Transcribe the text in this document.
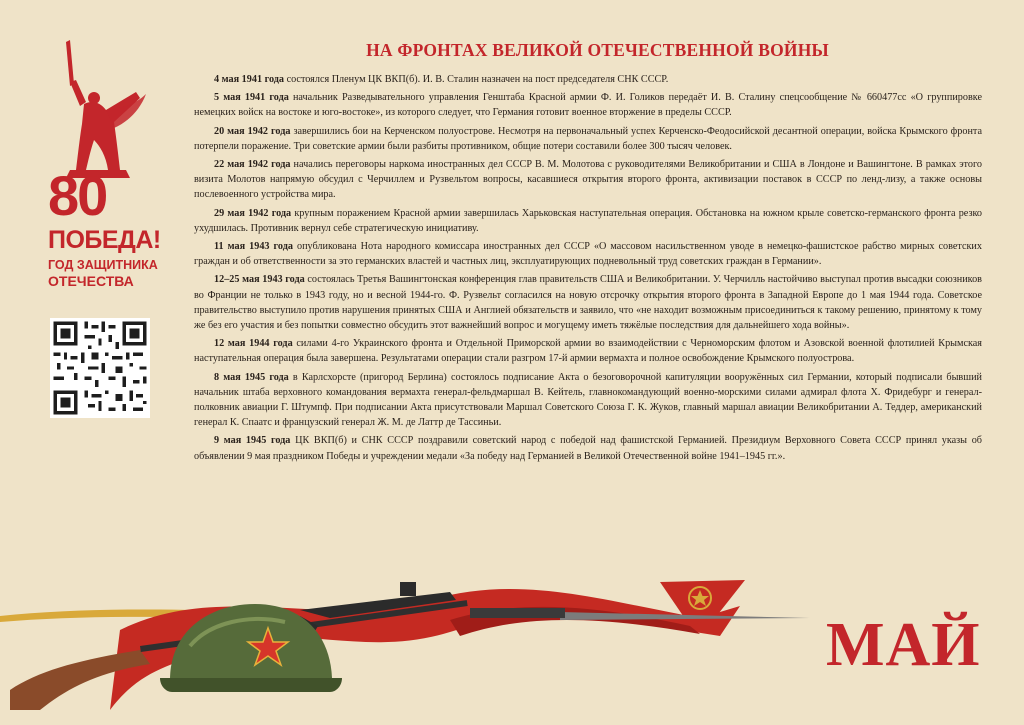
80
ПОБЕДА!
ГОД ЗАЩИТНИКА
ОТЕЧЕСТВА
НА ФРОНТАХ ВЕЛИКОЙ ОТЕЧЕСТВЕННОЙ ВОЙНЫ

4 мая 1941 года состоялся Пленум ЦК ВКП(б). И. В. Сталин назначен на пост председателя СНК СССР.

5 мая 1941 года начальник Разведывательного управления Генштаба Красной армии Ф. И. Голиков передаёт И. В. Сталину спецсообщение № 660477сс «О группировке немецких войск на востоке и юго-востоке», из которого следует, что Германия готовит военное вторжение в пределы СССР.

20 мая 1942 года завершились бои на Керченском полуострове. Несмотря на первоначальный успех Керченско-Феодосийской десантной операции, войска Крымского фронта потерпели поражение. Три советские армии были разбиты противником, общие потери составили более 300 тысяч человек.

22 мая 1942 года начались переговоры наркома иностранных дел СССР В. М. Молотова с руководителями Великобритании и США в Лондоне и Вашингтоне. В рамках этого визита Молотов напрямую обсудил с Черчиллем и Рузвельтом вопросы, касавшиеся открытия второго фронта, активизации поставок в СССР по ленд-лизу, а также основы послевоенного устройства мира.

29 мая 1942 года крупным поражением Красной армии завершилась Харьковская наступательная операция. Обстановка на южном крыле советско-германского фронта резко ухудшилась. Противник вернул себе стратегическую инициативу.

11 мая 1943 года опубликована Нота народного комиссара иностранных дел СССР «О массовом насильственном уводе в немецко-фашистское рабство мирных советских граждан и об ответственности за это германских властей и частных лиц, эксплуатирующих подневольный труд советских граждан в Германии».

12–25 мая 1943 года состоялась Третья Вашингтонская конференция глав правительств США и Великобритании. У. Черчилль настойчиво выступал против высадки союзников во Франции не только в 1943 году, но и весной 1944-го. Ф. Рузвельт согласился на новую отсрочку открытия второго фронта в Западной Европе до 1 мая 1944 года. Советское правительство выступило против нарушения принятых США и Англией обязательств и заявило, что «не находит возможным присоединиться к такому решению, принятому к тому же без его участия и без попытки совместно обсудить этот важнейший вопрос и могущему иметь тяжёлые последствия для дальнейшего хода войны».

12 мая 1944 года силами 4-го Украинского фронта и Отдельной Приморской армии во взаимодействии с Черноморским флотом и Азовской военной флотилией Крымская наступательная операция была завершена. Результатами операции стали разгром 17-й армии вермахта и полное освобождение Крымского полуострова.

8 мая 1945 года в Карлсхорсте (пригород Берлина) состоялось подписание Акта о безоговорочной капитуляции вооружённых сил Германии, который подписали бывший начальник штаба верховного командования вермахта генерал-фельдмаршал В. Кейтель, главнокомандующий военно-морскими силами адмирал флота Х. Фридебург и генерал-полковник авиации Г. Штумпф. При подписании Акта присутствовали Маршал Советского Союза Г. К. Жуков, главный маршал авиации Великобритании А. Теддер, американский генерал К. Спаатс и французский генерал Ж. М. де Латтр де Тассиньи.

9 мая 1945 года ЦК ВКП(б) и СНК СССР поздравили советский народ с победой над фашистской Германией. Президиум Верховного Совета СССР принял указы об объявлении 9 мая праздником Победы и учреждении медали «За победу над Германией в Великой Отечественной войне 1941–1945 гг.».

МАЙ
